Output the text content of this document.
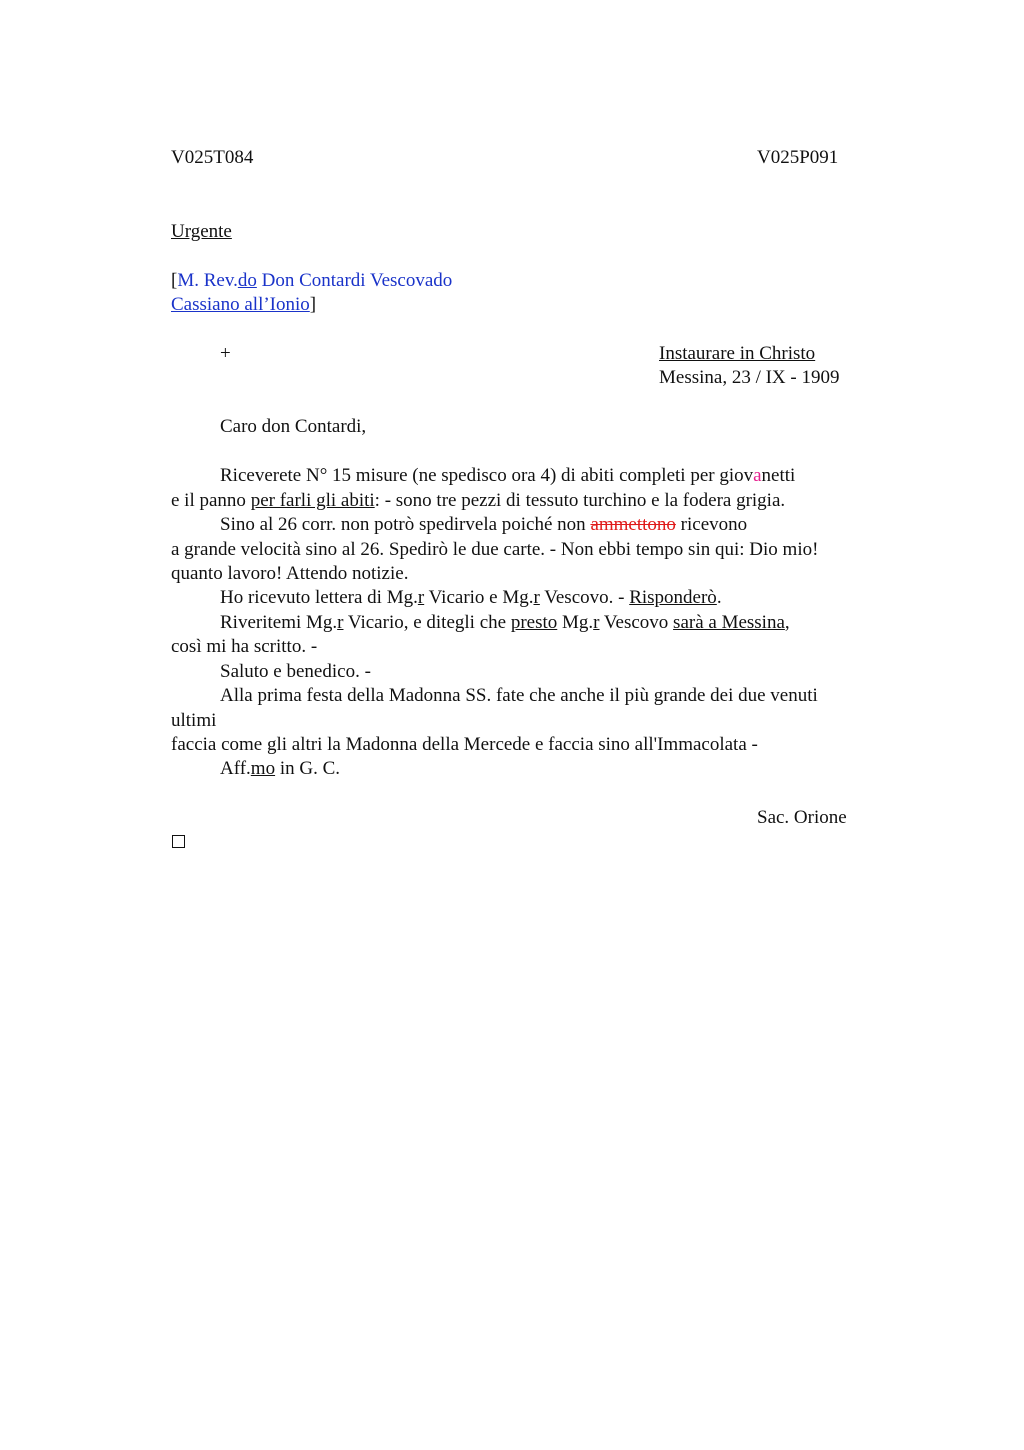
V025T084	V025P091
Urgente
[M. Rev.do Don Contardi Vescovado
Cassiano all’Ionio]
+	Instaurare in Christo
Messina, 23 / IX - 1909
Caro don Contardi,
Riceverete N° 15 misure (ne spedisco ora 4) di abiti completi per giovanetti
e il panno per farli gli abiti: - sono tre pezzi di tessuto turchino e la fodera grigia.
Sino al 26 corr. non potrò spedirvela poiché non ammettono ricevono
a grande velocità sino al 26. Spedirò le due carte. - Non ebbi tempo sin qui: Dio mio!
quanto lavoro! Attendo notizie.
Ho ricevuto lettera di Mg.r Vicario e Mg.r Vescovo. - Risponderò.
Riveritemi Mg.r Vicario, e ditegli che presto Mg.r Vescovo sarà a Messina,
così mi ha scritto. -
Saluto e benedico. -
Alla prima festa della Madonna SS. fate che anche il più grande dei due venuti
ultimi
faccia come gli altri la Madonna della Mercede e faccia sino all'Immacolata -
Aff.mo in G. C.
Sac. Orione
